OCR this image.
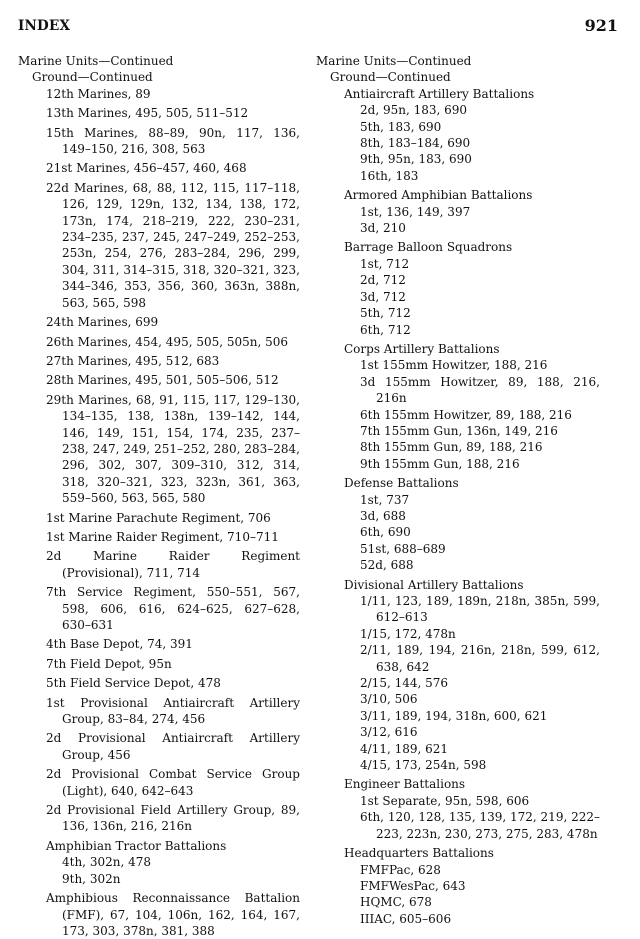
INDEX	921
Marine Units—Continued
Ground—Continued
12th Marines, 89
13th Marines, 495, 505, 511–512
15th Marines, 88–89, 90n, 117, 136, 149–150, 216, 308, 563
21st Marines, 456–457, 460, 468
22d Marines, 68, 88, 112, 115, 117–118, 126, 129, 129n, 132, 134, 138, 172, 173n, 174, 218–219, 222, 230–231, 234–235, 237, 245, 247–249, 252–253, 253n, 254, 276, 283–284, 296, 299, 304, 311, 314–315, 318, 320–321, 323, 344–346, 353, 356, 360, 363n, 388n, 563, 565, 598
24th Marines, 699
26th Marines, 454, 495, 505, 505n, 506
27th Marines, 495, 512, 683
28th Marines, 495, 501, 505–506, 512
29th Marines, 68, 91, 115, 117, 129–130, 134–135, 138, 138n, 139–142, 144, 146, 149, 151, 154, 174, 235, 237–238, 247, 249, 251–252, 280, 283–284, 296, 302, 307, 309–310, 312, 314, 318, 320–321, 323, 323n, 361, 363, 559–560, 563, 565, 580
1st Marine Parachute Regiment, 706
1st Marine Raider Regiment, 710–711
2d Marine Raider Regiment (Provisional), 711, 714
7th Service Regiment, 550–551, 567, 598, 606, 616, 624–625, 627–628, 630–631
4th Base Depot, 74, 391
7th Field Depot, 95n
5th Field Service Depot, 478
1st Provisional Antiaircraft Artillery Group, 83–84, 274, 456
2d Provisional Antiaircraft Artillery Group, 456
2d Provisional Combat Service Group (Light), 640, 642–643
2d Provisional Field Artillery Group, 89, 136, 136n, 216, 216n
Amphibian Tractor Battalions
4th, 302n, 478
9th, 302n
Amphibious Reconnaissance Battalion (FMF), 67, 104, 106n, 162, 164, 167, 173, 303, 378n, 381, 388
Marine Units—Continued
Ground—Continued
Antiaircraft Artillery Battalions
2d, 95n, 183, 690
5th, 183, 690
8th, 183–184, 690
9th, 95n, 183, 690
16th, 183
Armored Amphibian Battalions
1st, 136, 149, 397
3d, 210
Barrage Balloon Squadrons
1st, 712
2d, 712
3d, 712
5th, 712
6th, 712
Corps Artillery Battalions
1st 155mm Howitzer, 188, 216
3d 155mm Howitzer, 89, 188, 216, 216n
6th 155mm Howitzer, 89, 188, 216
7th 155mm Gun, 136n, 149, 216
8th 155mm Gun, 89, 188, 216
9th 155mm Gun, 188, 216
Defense Battalions
1st, 737
3d, 688
6th, 690
51st, 688–689
52d, 688
Divisional Artillery Battalions
1/11, 123, 189, 189n, 218n, 385n, 599, 612–613
1/15, 172, 478n
2/11, 189, 194, 216n, 218n, 599, 612, 638, 642
2/15, 144, 576
3/10, 506
3/11, 189, 194, 318n, 600, 621
3/12, 616
4/11, 189, 621
4/15, 173, 254n, 598
Engineer Battalions
1st Separate, 95n, 598, 606
6th, 120, 128, 135, 139, 172, 219, 222–223, 223n, 230, 273, 275, 283, 478n
Headquarters Battalions
FMFPac, 628
FMFWesPac, 643
HQMC, 678
IIIAC, 605–606
